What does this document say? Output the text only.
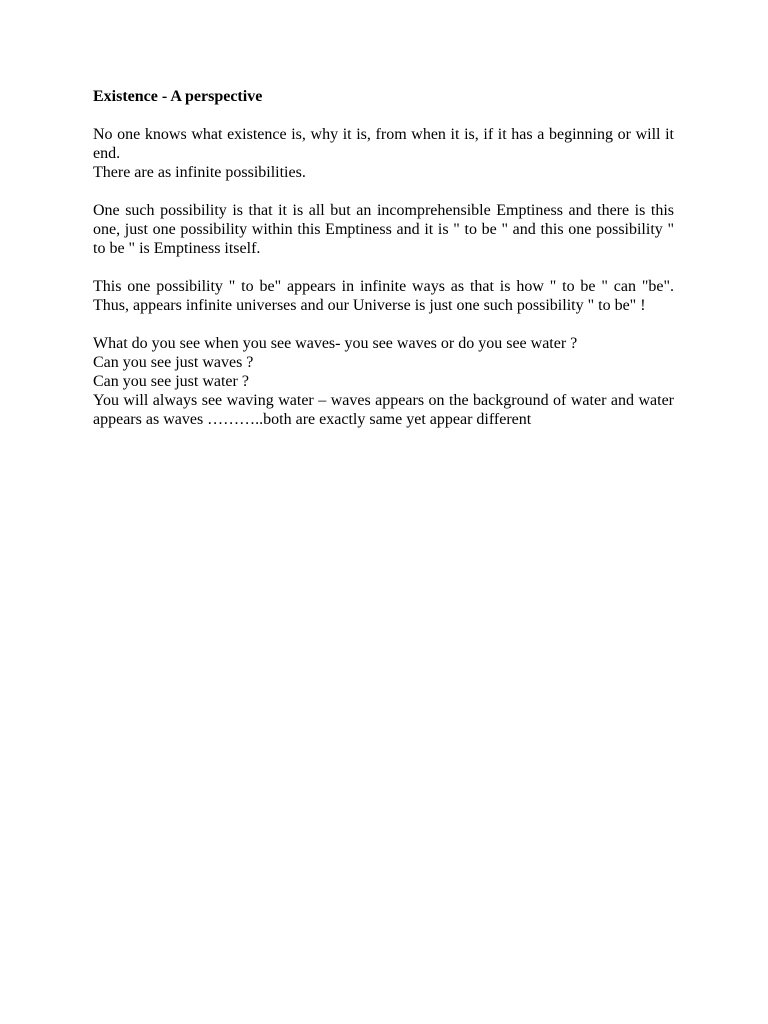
Existence - A perspective
No one knows what existence is, why it is, from when it is, if it has a beginning or will it end.
There are as infinite possibilities.
One such possibility is that it is all but an incomprehensible Emptiness and there is this one, just one possibility within this Emptiness and it is " to be " and this one possibility " to be " is Emptiness itself.
This one possibility " to be" appears in infinite ways as that is how " to be " can "be". Thus, appears infinite universes and our Universe is just one such possibility " to be" !
What do you see when you see waves- you see waves or do you see water ?
Can you see just waves ?
Can you see just water ?
You will always see waving water – waves appears on the background of water and water appears as waves ………..both are exactly same yet appear different
